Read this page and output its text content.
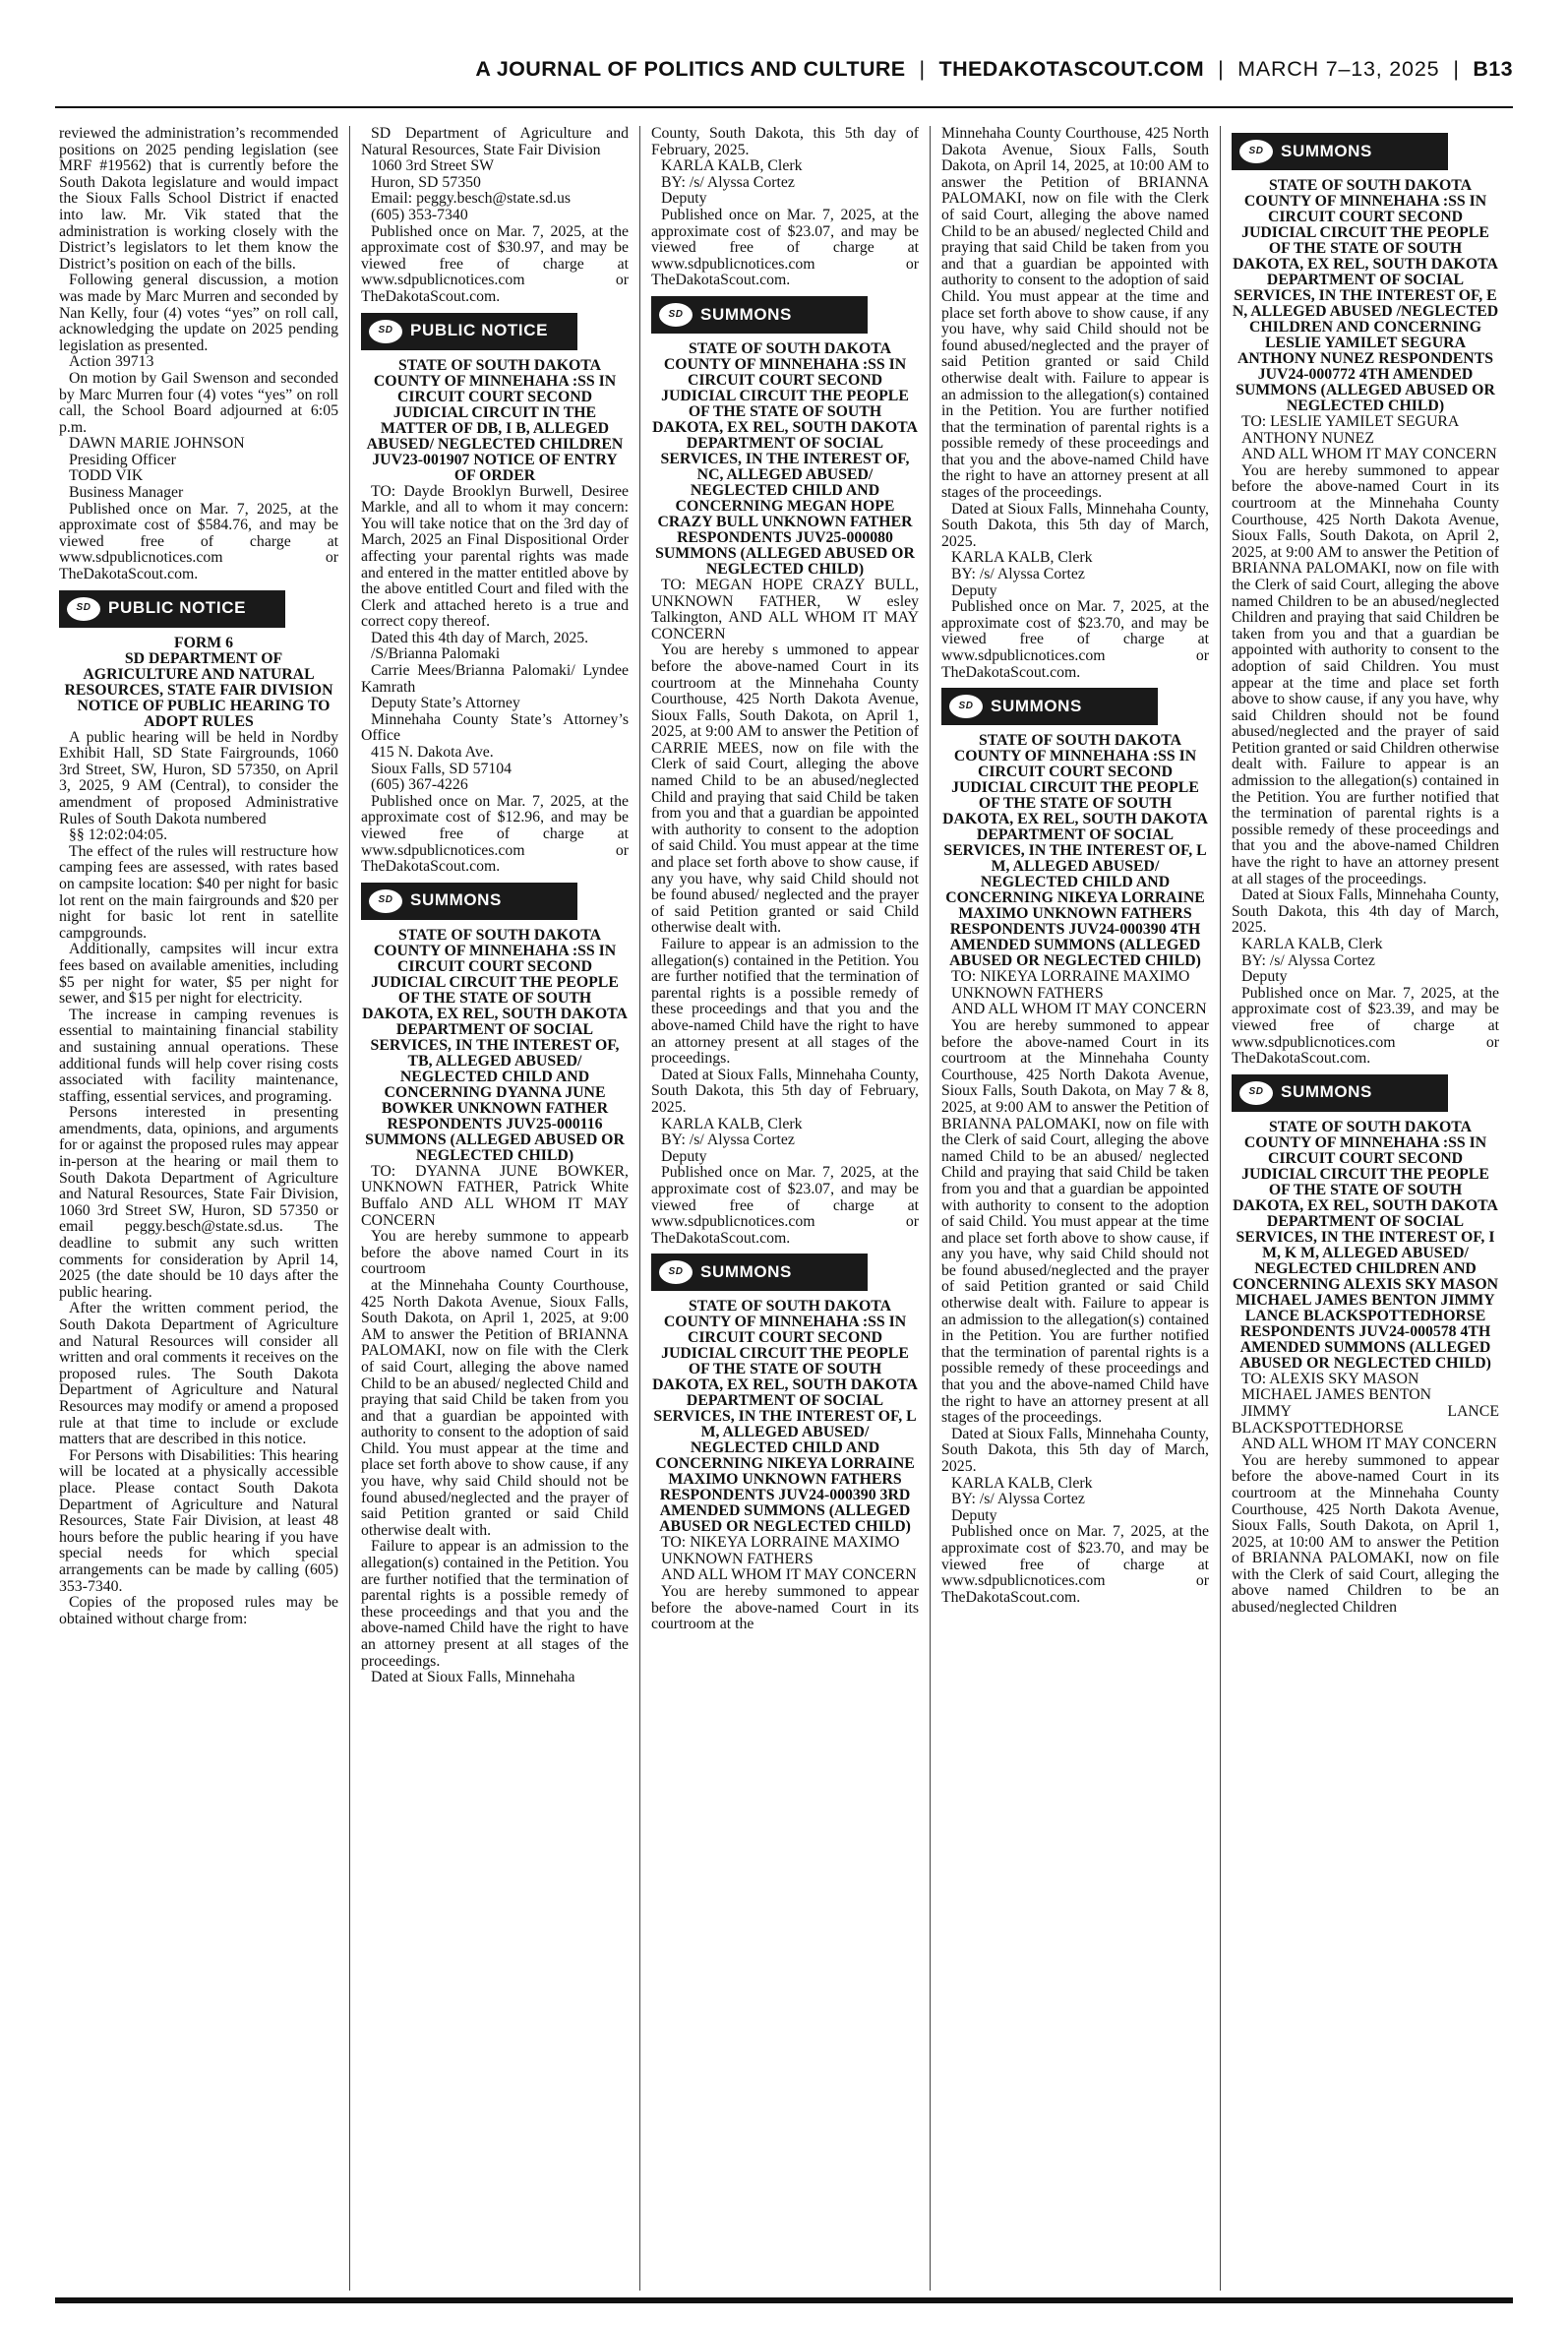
A JOURNAL OF POLITICS AND CULTURE | THEDAKOTASCOUT.COM | MARCH 7–13, 2025 | B13

reviewed the administration’s recommended positions on 2025 pending legislation (see MRF #19562) that is currently before the South Dakota legislature and would impact the Sioux Falls School District if enacted into law. Mr. Vik stated that the administration is working closely with the District’s legislators to let them know the District’s position on each of the bills.

Following general discussion, a motion was made by Marc Murren and seconded by Nan Kelly, four (4) votes “yes” on roll call, acknowledging the update on 2025 pending legislation as presented.

Action 39713

On motion by Gail Swenson and seconded by Marc Murren four (4) votes “yes” on roll call, the School Board adjourned at 6:05 p.m.

DAWN MARIE JOHNSON

Presiding Officer

TODD VIK

Business Manager

Published once on Mar. 7, 2025, at the approximate cost of $584.76, and may be viewed free of charge at www.sdpublicnotices.com or TheDakotaScout.com.

SD	PUBLIC NOTICE

FORM 6

SD DEPARTMENT OF AGRICULTURE AND NATURAL RESOURCES, STATE FAIR DIVISION

NOTICE OF PUBLIC HEARING TO ADOPT RULES

A public hearing will be held in Nordby Exhibit Hall, SD State Fairgrounds, 1060 3rd Street, SW, Huron, SD 57350, on April 3, 2025, 9 AM (Central), to consider the amendment of proposed Administrative Rules of South Dakota numbered

§§ 12:02:04:05.

The effect of the rules will restructure how camping fees are assessed, with rates based on campsite location: $40 per night for basic lot rent on the main fairgrounds and $20 per night for basic lot rent in satellite campgrounds.

Additionally, campsites will incur extra fees based on available amenities, including $5 per night for water, $5 per night for sewer, and $15 per night for electricity.

The increase in camping revenues is essential to maintaining financial stability and sustaining annual operations. These additional funds will help cover rising costs associated with facility maintenance, staffing, essential services, and programing.

Persons interested in presenting amendments, data, opinions, and arguments for or against the proposed rules may appear in-person at the hearing or mail them to South Dakota Department of Agriculture and Natural Resources, State Fair Division, 1060 3rd Street SW, Huron, SD 57350 or email peggy.besch@state.sd.us. The deadline to submit any such written comments for consideration by April 14, 2025 (the date should be 10 days after the public hearing.

After the written comment period, the South Dakota Department of Agriculture and Natural Resources will consider all written and oral comments it receives on the proposed rules. The South Dakota Department of Agriculture and Natural Resources may modify or amend a proposed rule at that time to include or exclude matters that are described in this notice.

For Persons with Disabilities: This hearing will be located at a physically accessible place. Please contact South Dakota Department of Agriculture and Natural Resources, State Fair Division, at least 48 hours before the public hearing if you have special needs for which special arrangements can be made by calling (605) 353-7340.

Copies of the proposed rules may be obtained without charge from:

SD Department of Agriculture and Natural Resources, State Fair Division

1060 3rd Street SW

Huron, SD 57350

Email: peggy.besch@state.sd.us

(605) 353-7340

Published once on Mar. 7, 2025, at the approximate cost of $30.97, and may be viewed free of charge at www.sdpublicnotices.com or TheDakotaScout.com.

SD	PUBLIC NOTICE

STATE OF SOUTH DAKOTA COUNTY OF MINNEHAHA :SS IN CIRCUIT COURT SECOND JUDICIAL CIRCUIT IN THE MATTER OF DB, I B, ALLEGED ABUSED/ NEGLECTED CHILDREN JUV23-001907 NOTICE OF ENTRY OF ORDER

TO: Dayde Brooklyn Burwell, Desiree Markle, and all to whom it may concern: You will take notice that on the 3rd day of March, 2025 an Final Dispositional Order affecting your parental rights was made and entered in the matter entitled above by the above entitled Court and filed with the Clerk and attached hereto is a true and correct copy thereof.

Dated this 4th day of March, 2025.

/S/Brianna Palomaki

Carrie Mees/Brianna Palomaki/ Lyndee Kamrath

Deputy State’s Attorney

Minnehaha County State’s Attorney’s Office

415 N. Dakota Ave.

Sioux Falls, SD 57104

(605) 367-4226

Published once on Mar. 7, 2025, at the approximate cost of $12.96, and may be viewed free of charge at www.sdpublicnotices.com or TheDakotaScout.com.

SD	SUMMONS

STATE OF SOUTH DAKOTA COUNTY OF MINNEHAHA :SS IN CIRCUIT COURT SECOND JUDICIAL CIRCUIT THE PEOPLE OF THE STATE OF SOUTH DAKOTA, EX REL, SOUTH DAKOTA DEPARTMENT OF SOCIAL SERVICES, IN THE INTEREST OF, TB, ALLEGED ABUSED/ NEGLECTED CHILD AND CONCERNING DYANNA JUNE BOWKER UNKNOWN FATHER RESPONDENTS JUV25-000116 SUMMONS (ALLEGED ABUSED OR NEGLECTED CHILD)

TO: DYANNA JUNE BOWKER, UNKNOWN FATHER, Patrick White Buffalo AND ALL WHOM IT MAY CONCERN

You are hereby summone to appearb before the above named Court in its courtroom

at the Minnehaha County Courthouse, 425 North Dakota Avenue, Sioux Falls, South Dakota, on April 1, 2025, at 9:00 AM to answer the Petition of BRIANNA PALOMAKI, now on file with the Clerk of said Court, alleging the above named Child to be an abused/ neglected Child and praying that said Child be taken from you and that a guardian be appointed with authority to consent to the adoption of said Child. You must appear at the time and place set forth above to show cause, if any you have, why said Child should not be found abused/neglected and the prayer of said Petition granted or said Child otherwise dealt with.

Failure to appear is an admission to the allegation(s) contained in the Petition. You are further notified that the termination of parental rights is a possible remedy of these proceedings and that you and the above-named Child have the right to have an attorney present at all stages of the proceedings.

Dated at Sioux Falls, Minnehaha

County, South Dakota, this 5th day of February, 2025.

KARLA KALB, Clerk

BY: /s/ Alyssa Cortez

Deputy

Published once on Mar. 7, 2025, at the approximate cost of $23.07, and may be viewed free of charge at www.sdpublicnotices.com or TheDakotaScout.com.

SD	SUMMONS

STATE OF SOUTH DAKOTA COUNTY OF MINNEHAHA :SS IN CIRCUIT COURT SECOND JUDICIAL CIRCUIT THE PEOPLE OF THE STATE OF SOUTH DAKOTA, EX REL, SOUTH DAKOTA DEPARTMENT OF SOCIAL SERVICES, IN THE INTEREST OF, NC, ALLEGED ABUSED/ NEGLECTED CHILD AND CONCERNING MEGAN HOPE CRAZY BULL UNKNOWN FATHER RESPONDENTS JUV25-000080 SUMMONS (ALLEGED ABUSED OR NEGLECTED CHILD)

TO: MEGAN HOPE CRAZY BULL, UNKNOWN FATHER, W esley Talkington, AND ALL WHOM IT MAY CONCERN

You are hereby s ummoned to appear before the above-named Court in its courtroom at the Minnehaha County Courthouse, 425 North Dakota Avenue, Sioux Falls, South Dakota, on April 1, 2025, at 9:00 AM to answer the Petition of CARRIE MEES, now on file with the Clerk of said Court, alleging the above named Child to be an abused/neglected Child and praying that said Child be taken from you and that a guardian be appointed with authority to consent to the adoption of said Child. You must appear at the time and place set forth above to show cause, if any you have, why said Child should not be found abused/ neglected and the prayer of said Petition granted or said Child otherwise dealt with.

Failure to appear is an admission to the allegation(s) contained in the Petition. You are further notified that the termination of parental rights is a possible remedy of these proceedings and that you and the above-named Child have the right to have an attorney present at all stages of the proceedings.

Dated at Sioux Falls, Minnehaha County, South Dakota, this 5th day of February, 2025.

KARLA KALB, Clerk

BY: /s/ Alyssa Cortez

Deputy

Published once on Mar. 7, 2025, at the approximate cost of $23.07, and may be viewed free of charge at www.sdpublicnotices.com or TheDakotaScout.com.

SD	SUMMONS

STATE OF SOUTH DAKOTA COUNTY OF MINNEHAHA :SS IN CIRCUIT COURT SECOND JUDICIAL CIRCUIT THE PEOPLE OF THE STATE OF SOUTH DAKOTA, EX REL, SOUTH DAKOTA DEPARTMENT OF SOCIAL SERVICES, IN THE INTEREST OF, L M, ALLEGED ABUSED/ NEGLECTED CHILD AND CONCERNING NIKEYA LORRAINE MAXIMO UNKNOWN FATHERS RESPONDENTS JUV24-000390 3RD AMENDED SUMMONS (ALLEGED ABUSED OR NEGLECTED CHILD)

TO: NIKEYA LORRAINE MAXIMO

UNKNOWN FATHERS

AND ALL WHOM IT MAY CONCERN

You are hereby summoned to appear before the above-named Court in its courtroom at the

Minnehaha County Courthouse, 425 North Dakota Avenue, Sioux Falls, South Dakota, on April 14, 2025, at 10:00 AM to answer the Petition of BRIANNA PALOMAKI, now on file with the Clerk of said Court, alleging the above named Child to be an abused/ neglected Child and praying that said Child be taken from you and that a guardian be appointed with authority to consent to the adoption of said Child. You must appear at the time and place set forth above to show cause, if any you have, why said Child should not be found abused/neglected and the prayer of said Petition granted or said Child otherwise dealt with. Failure to appear is an admission to the allegation(s) contained in the Petition. You are further notified that the termination of parental rights is a possible remedy of these proceedings and that you and the above-named Child have the right to have an attorney present at all stages of the proceedings.

Dated at Sioux Falls, Minnehaha County, South Dakota, this 5th day of March, 2025.

KARLA KALB, Clerk

BY: /s/ Alyssa Cortez

Deputy

Published once on Mar. 7, 2025, at the approximate cost of $23.70, and may be viewed free of charge at www.sdpublicnotices.com or TheDakotaScout.com.

SD	SUMMONS

STATE OF SOUTH DAKOTA COUNTY OF MINNEHAHA :SS IN CIRCUIT COURT SECOND JUDICIAL CIRCUIT THE PEOPLE OF THE STATE OF SOUTH DAKOTA, EX REL, SOUTH DAKOTA DEPARTMENT OF SOCIAL SERVICES, IN THE INTEREST OF, L M, ALLEGED ABUSED/ NEGLECTED CHILD AND CONCERNING NIKEYA LORRAINE MAXIMO UNKNOWN FATHERS RESPONDENTS JUV24-000390 4TH AMENDED SUMMONS (ALLEGED ABUSED OR NEGLECTED CHILD)

TO: NIKEYA LORRAINE MAXIMO

UNKNOWN FATHERS

AND ALL WHOM IT MAY CONCERN

You are hereby summoned to appear before the above-named Court in its courtroom at the Minnehaha County Courthouse, 425 North Dakota Avenue, Sioux Falls, South Dakota, on May 7 & 8, 2025, at 9:00 AM to answer the Petition of BRIANNA PALOMAKI, now on file with the Clerk of said Court, alleging the above named Child to be an abused/ neglected Child and praying that said Child be taken from you and that a guardian be appointed with authority to consent to the adoption of said Child. You must appear at the time and place set forth above to show cause, if any you have, why said Child should not be found abused/neglected and the prayer of said Petition granted or said Child otherwise dealt with. Failure to appear is an admission to the allegation(s) contained in the Petition. You are further notified that the termination of parental rights is a possible remedy of these proceedings and that you and the above-named Child have the right to have an attorney present at all stages of the proceedings.

Dated at Sioux Falls, Minnehaha County, South Dakota, this 5th day of March, 2025.

KARLA KALB, Clerk

BY: /s/ Alyssa Cortez

Deputy

Published once on Mar. 7, 2025, at the approximate cost of $23.70, and may be viewed free of charge at www.sdpublicnotices.com or TheDakotaScout.com.

SD	SUMMONS

STATE OF SOUTH DAKOTA COUNTY OF MINNEHAHA :SS IN CIRCUIT COURT SECOND JUDICIAL CIRCUIT THE PEOPLE OF THE STATE OF SOUTH DAKOTA, EX REL, SOUTH DAKOTA DEPARTMENT OF SOCIAL SERVICES, IN THE INTEREST OF, E N, ALLEGED ABUSED /NEGLECTED CHILDREN AND CONCERNING LESLIE YAMILET SEGURA ANTHONY NUNEZ RESPONDENTS JUV24-000772 4TH AMENDED SUMMONS (ALLEGED ABUSED OR NEGLECTED CHILD)

TO: LESLIE YAMILET SEGURA

ANTHONY NUNEZ

AND ALL WHOM IT MAY CONCERN

You are hereby summoned to appear before the above-named Court in its courtroom at the Minnehaha County Courthouse, 425 North Dakota Avenue, Sioux Falls, South Dakota, on April 2, 2025, at 9:00 AM to answer the Petition of BRIANNA PALOMAKI, now on file with the Clerk of said Court, alleging the above named Children to be an abused/neglected Children and praying that said Children be taken from you and that a guardian be appointed with authority to consent to the adoption of said Children. You must appear at the time and place set forth above to show cause, if any you have, why said Children should not be found abused/neglected and the prayer of said Petition granted or said Children otherwise dealt with. Failure to appear is an admission to the allegation(s) contained in the Petition. You are further notified that the termination of parental rights is a possible remedy of these proceedings and that you and the above-named Children have the right to have an attorney present at all stages of the proceedings.

Dated at Sioux Falls, Minnehaha County, South Dakota, this 4th day of March, 2025.

KARLA KALB, Clerk

BY: /s/ Alyssa Cortez

Deputy

Published once on Mar. 7, 2025, at the approximate cost of $23.39, and may be viewed free of charge at www.sdpublicnotices.com or TheDakotaScout.com.

SD	SUMMONS

STATE OF SOUTH DAKOTA COUNTY OF MINNEHAHA :SS IN CIRCUIT COURT SECOND JUDICIAL CIRCUIT THE PEOPLE OF THE STATE OF SOUTH DAKOTA, EX REL, SOUTH DAKOTA DEPARTMENT OF SOCIAL SERVICES, IN THE INTEREST OF, I M, K M, ALLEGED ABUSED/ NEGLECTED CHILDREN AND CONCERNING ALEXIS SKY MASON MICHAEL JAMES BENTON JIMMY LANCE BLACKSPOTTEDHORSE RESPONDENTS JUV24-000578 4TH AMENDED SUMMONS (ALLEGED ABUSED OR NEGLECTED CHILD)

TO: ALEXIS SKY MASON

MICHAEL JAMES BENTON

JIMMY LANCE BLACKSPOTTEDHORSE

AND ALL WHOM IT MAY CONCERN

You are hereby summoned to appear before the above-named Court in its courtroom at the Minnehaha County Courthouse, 425 North Dakota Avenue, Sioux Falls, South Dakota, on April 1, 2025, at 10:00 AM to answer the Petition of BRIANNA PALOMAKI, now on file with the Clerk of said Court, alleging the above named Children to be an abused/neglected Children
